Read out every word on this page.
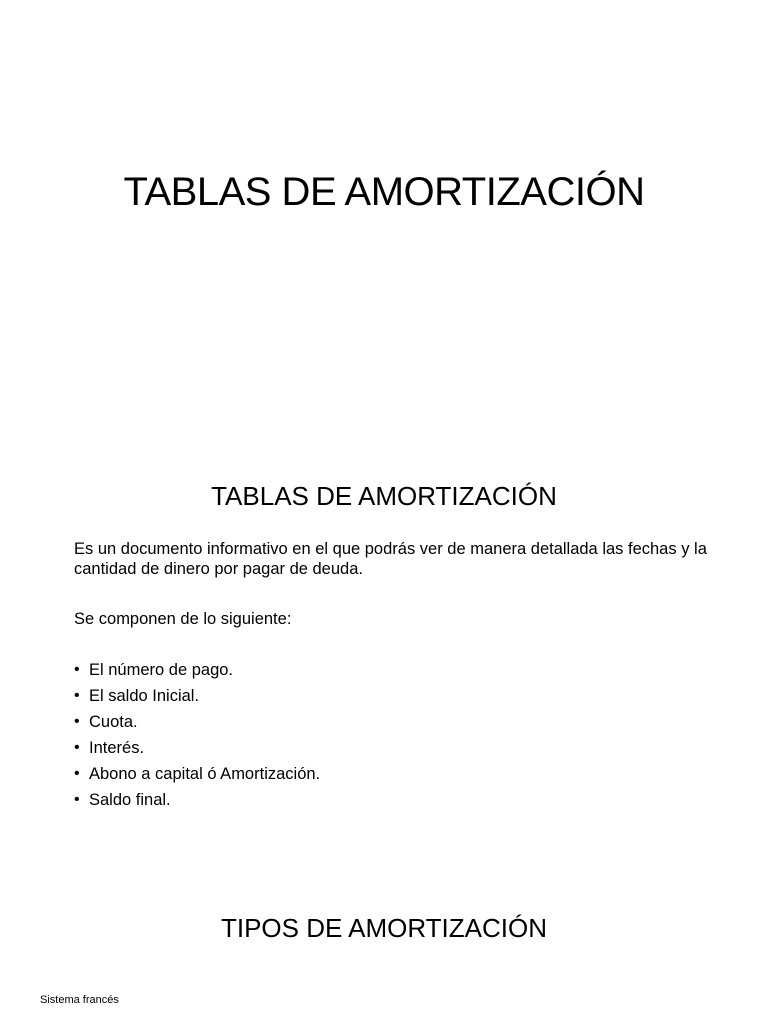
TABLAS DE AMORTIZACIÓN
TABLAS DE AMORTIZACIÓN

Es un documento informativo en el que podrás ver de manera detallada las fechas y la cantidad de dinero por pagar de deuda.

Se componen de lo siguiente:

• El número de pago.
• El saldo Inicial.
• Cuota.
• Interés.
• Abono a capital ó Amortización.
• Saldo final.
TIPOS DE AMORTIZACIÓN

Sistema francés
